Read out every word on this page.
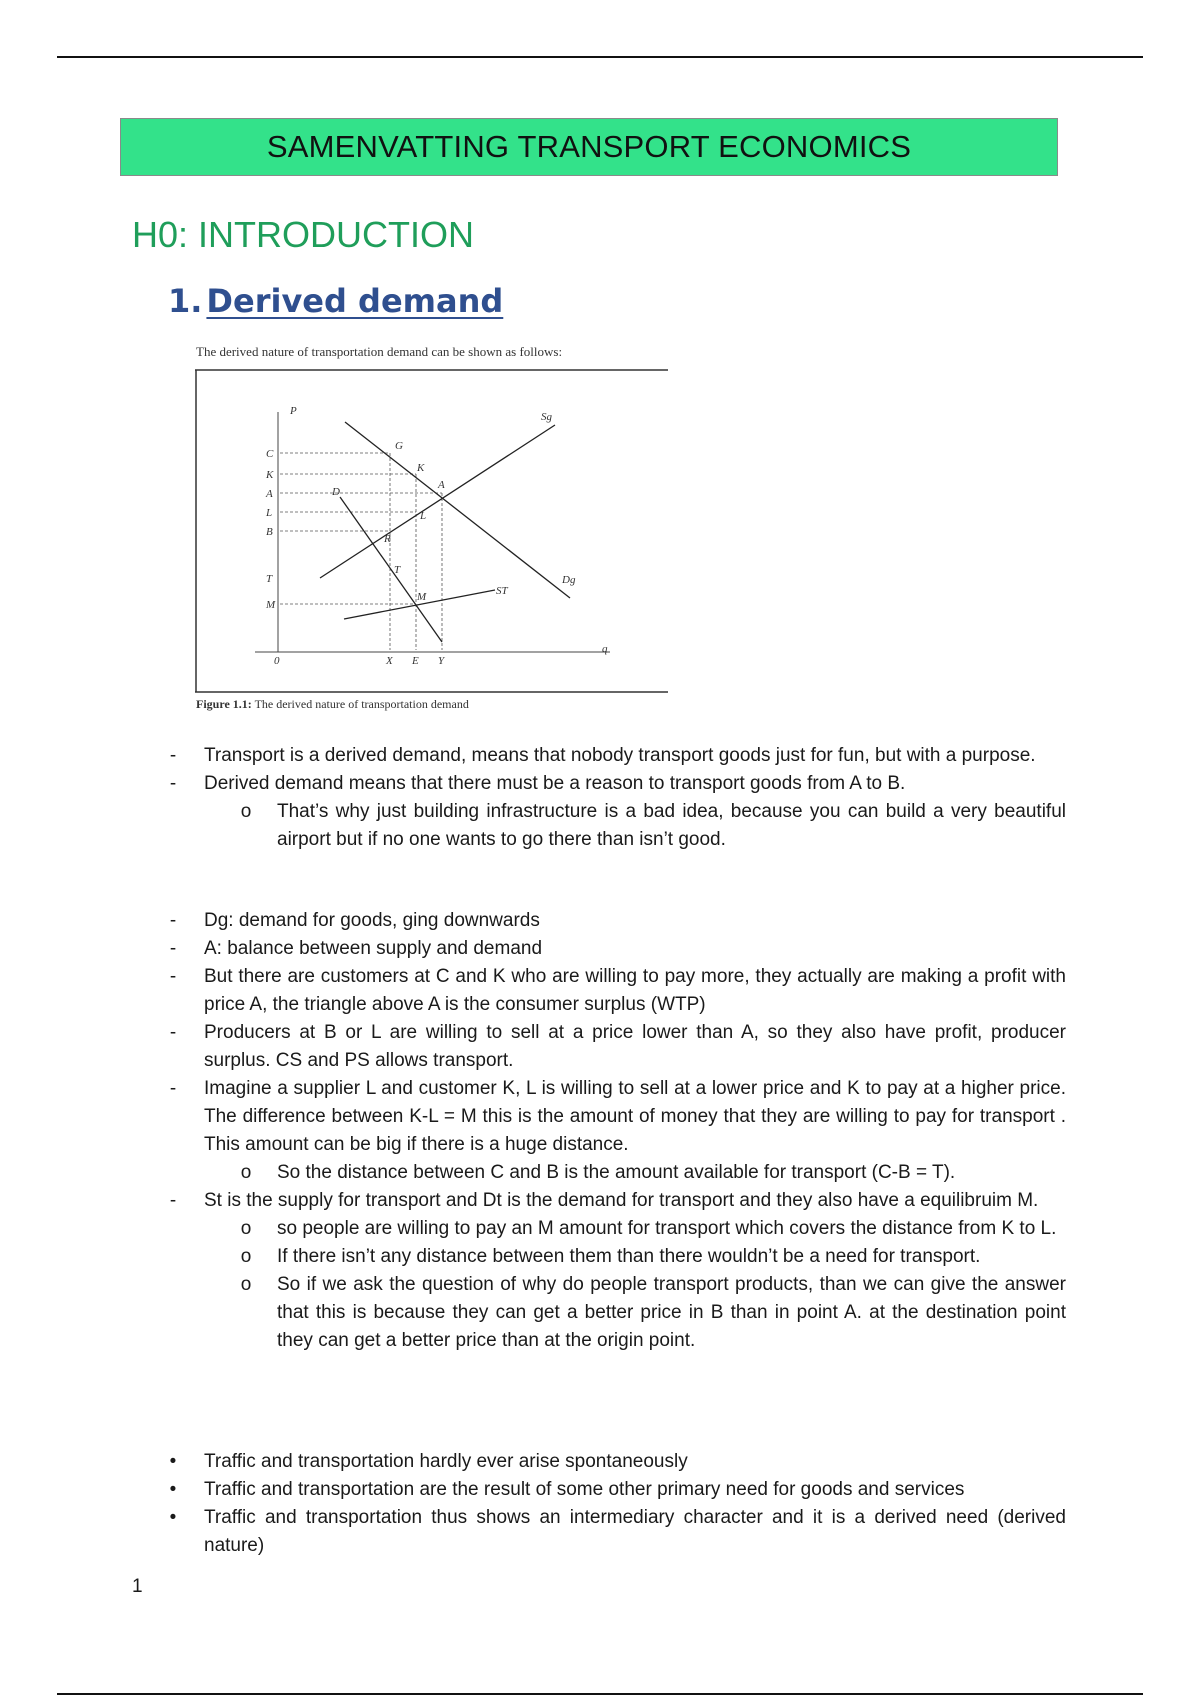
SAMENVATTING TRANSPORT ECONOMICS
H0: INTRODUCTION
1. Derived demand
P
q
0
C
K
A
L
B
T
M
X E Y
G
K
A
L
R
T
M
D
Sg
Dg
ST
The derived nature of transportation demand can be shown as follows:
Figure 1.1: The derived nature of transportation demand
- Transport is a derived demand, means that nobody transport goods just for fun, but with a purpose.
- Derived demand means that there must be a reason to transport goods from A to B.
o That’s why just building infrastructure is a bad idea, because you can build a very beautiful airport but if no one wants to go there than isn’t good.
- Dg: demand for goods, ging downwards
- A: balance between supply and demand
- But there are customers at C and K who are willing to pay more, they actually are making a profit with price A, the triangle above A is the consumer surplus (WTP)
- Producers at B or L are willing to sell at a price lower than A, so they also have profit, producer surplus. CS and PS allows transport.
- Imagine a supplier L and customer K, L is willing to sell at a lower price and K to pay at a higher price. The difference between K-L = M this is the amount of money that they are willing to pay for transport . This amount can be big if there is a huge distance.
o So the distance between C and B is the amount available for transport (C-B = T).
- St is the supply for transport and Dt is the demand for transport and they also have a equilibruim M.
o so people are willing to pay an M amount for transport which covers the distance from K to L.
o If there isn’t any distance between them than there wouldn’t be a need for transport.
o So if we ask the question of why do people transport products, than we can give the answer that this is because they can get a better price in B than in point A. at the destination point they can get a better price than at the origin point.
• Traffic and transportation hardly ever arise spontaneously
• Traffic and transportation are the result of some other primary need for goods and services
• Traffic and transportation thus shows an intermediary character and it is a derived need (derived nature)
1
